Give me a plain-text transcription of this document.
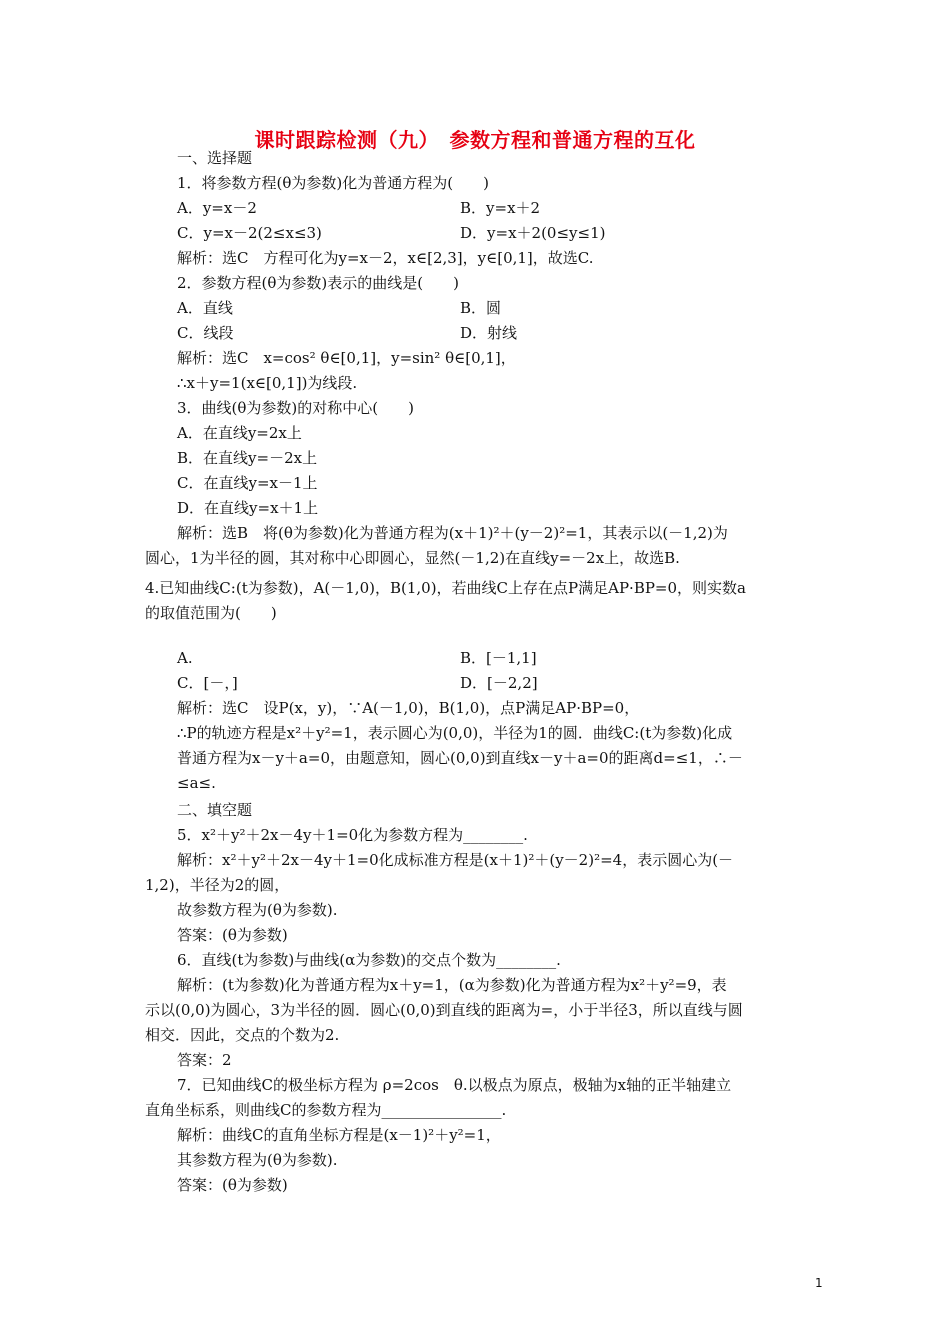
课时跟踪检测（九）　参数方程和普通方程的互化
一、选择题
1．将参数方程(θ为参数)化为普通方程为(　　)
A．y=x－2	B．y=x＋2
C．y=x－2(2≤x≤3)	D．y=x＋2(0≤y≤1)
解析：选C　方程可化为y=x－2，x∈[2,3]，y∈[0,1]，故选C.
2．参数方程(θ为参数)表示的曲线是(　　)
A．直线	B．圆
C．线段	D．射线
解析：选C　x=cos² θ∈[0,1]，y=sin² θ∈[0,1]，
∴x＋y=1(x∈[0,1])为线段.
3．曲线(θ为参数)的对称中心(　　)
A．在直线y=2x上
B．在直线y=－2x上
C．在直线y=x－1上
D．在直线y=x＋1上
解析：选B　将(θ为参数)化为普通方程为(x＋1)²＋(y－2)²=1，其表示以(－1,2)为
圆心，1为半径的圆，其对称中心即圆心，显然(－1,2)在直线y=－2x上，故选B.
4.已知曲线C:(t为参数)，A(－1,0)，B(1,0)，若曲线C上存在点P满足AP·BP=0，则实数a
的取值范围为(　　)
A.	B．[－1,1]
C．[－，]	D．[－2,2]
解析：选C　设P(x，y)，∵A(－1,0)，B(1,0)，点P满足AP·BP=0，
∴P的轨迹方程是x²＋y²=1，表示圆心为(0,0)，半径为1的圆．曲线C:(t为参数)化成
普通方程为x－y＋a=0，由题意知，圆心(0,0)到直线x－y＋a=0的距离d=≤1，∴－
≤a≤.
二、填空题
5．x²＋y²＋2x－4y＋1=0化为参数方程为________.
解析：x²＋y²＋2x－4y＋1=0化成标准方程是(x＋1)²＋(y－2)²=4，表示圆心为(－
1,2)，半径为2的圆，
故参数方程为(θ为参数).
答案：(θ为参数)
6．直线(t为参数)与曲线(α为参数)的交点个数为________.
解析：(t为参数)化为普通方程为x＋y=1，(α为参数)化为普通方程为x²＋y²=9，表
示以(0,0)为圆心，3为半径的圆．圆心(0,0)到直线的距离为=，小于半径3，所以直线与圆
相交．因此，交点的个数为2.
答案：2
7．已知曲线C的极坐标方程为 ρ=2cos　θ.以极点为原点，极轴为x轴的正半轴建立
直角坐标系，则曲线C的参数方程为________________.
解析：曲线C的直角坐标方程是(x－1)²＋y²=1，
其参数方程为(θ为参数).
答案：(θ为参数)
1
